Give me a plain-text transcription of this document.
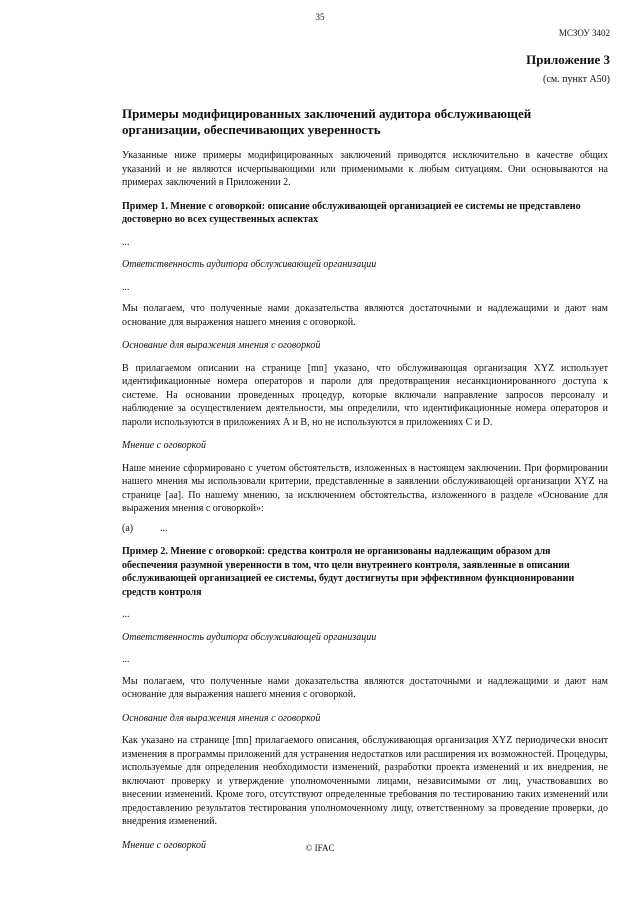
35
МСЗОУ 3402
Приложение 3
(см. пункт А50)

Примеры модифицированных заключений аудитора обслуживающей организации, обеспечивающих уверенность

Указанные ниже примеры модифицированных заключений приводятся исключительно в качестве общих указаний и не являются исчерпывающими или применимыми к любым ситуациям. Они основываются на примерах заключений в Приложении 2.

Пример 1. Мнение с оговоркой: описание обслуживающей организацией ее системы не представлено достоверно во всех существенных аспектах

...

Ответственность аудитора обслуживающей организации

...

Мы полагаем, что полученные нами доказательства являются достаточными и надлежащими и дают нам основание для выражения нашего мнения с оговоркой.

Основание для выражения мнения с оговоркой

В прилагаемом описании на странице [mn] указано, что обслуживающая организация XYZ использует идентификационные номера операторов и пароли для предотвращения несанкционированного доступа к системе. На основании проведенных процедур, которые включали направление запросов персоналу и наблюдение за осуществлением деятельности, мы определили, что идентификационные номера операторов и пароли используются в приложениях А и В, но не используются в приложениях С и D.

Мнение с оговоркой

Наше мнение сформировано с учетом обстоятельств, изложенных в настоящем заключении. При формировании нашего мнения мы использовали критерии, представленные в заявлении обслуживающей организации XYZ на странице [aa]. По нашему мнению, за исключением обстоятельства, изложенного в разделе «Основание для выражения мнения с оговоркой»:

(a)	...

Пример 2. Мнение с оговоркой: средства контроля не организованы надлежащим образом для обеспечения разумной уверенности в том, что цели внутреннего контроля, заявленные в описании обслуживающей организацией ее системы, будут достигнуты при эффективном функционировании средств контроля

...

Ответственность аудитора обслуживающей организации

...

Мы полагаем, что полученные нами доказательства являются достаточными и надлежащими и дают нам основание для выражения нашего мнения с оговоркой.

Основание для выражения мнения с оговоркой

Как указано на странице [mn] прилагаемого описания, обслуживающая организация XYZ периодически вносит изменения в программы приложений для устранения недостатков или расширения их возможностей. Процедуры, используемые для определения необходимости изменений, разработки проекта изменений и их внедрения, не включают проверку и утверждение уполномоченными лицами, независимыми от лиц, участвовавших во внесении изменений. Кроме того, отсутствуют определенные требования по тестированию таких изменений или предоставлению результатов тестирования уполномоченному лицу, ответственному за проведение проверки, до внедрения изменений.

Мнение с оговоркой	© IFAC
